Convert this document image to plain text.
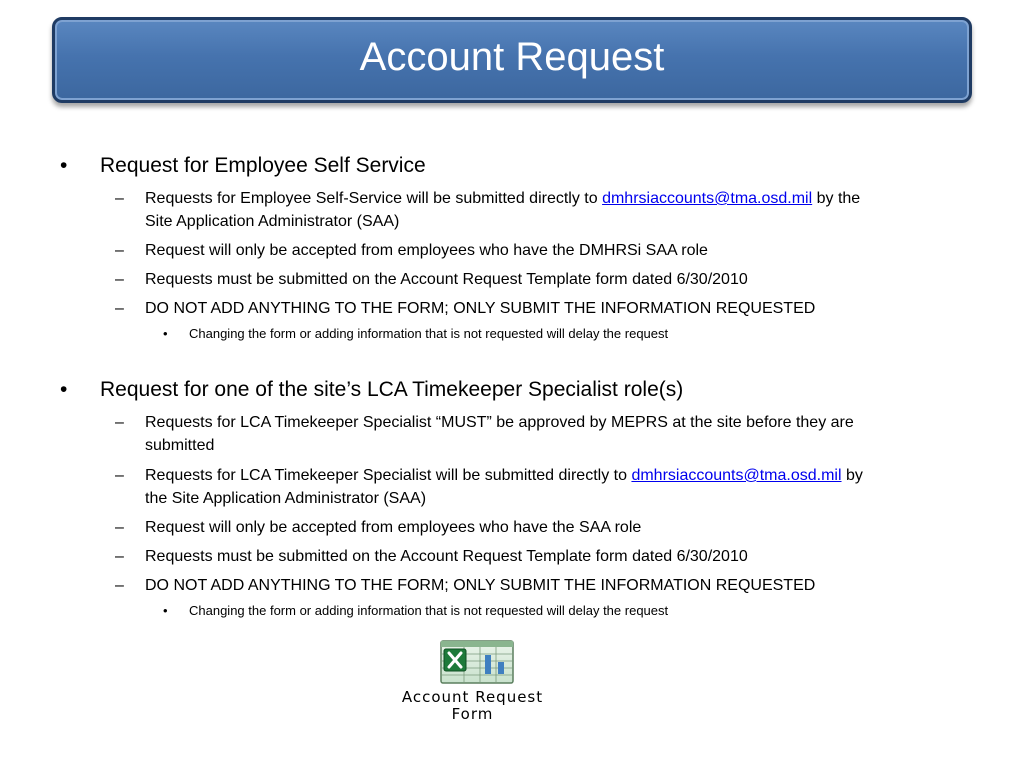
Account Request
•	Request for Employee Self Service
–	Requests for Employee Self-Service will be submitted directly to dmhrsiaccounts@tma.osd.mil by the
Site Application Administrator (SAA)
–	Request will only be accepted from employees who have the DMHRSi SAA role
–	Requests must be submitted on the Account Request Template form dated 6/30/2010
–	DO NOT ADD ANYTHING TO THE FORM; ONLY SUBMIT THE INFORMATION REQUESTED
•	Changing the form or adding information that is not requested will delay the request
•	Request for one of the site’s LCA Timekeeper Specialist role(s)
–	Requests for LCA Timekeeper Specialist “MUST” be approved by MEPRS at the site before they are
submitted
–	Requests for LCA Timekeeper Specialist will be submitted directly to dmhrsiaccounts@tma.osd.mil by
the Site Application Administrator (SAA)
–	Request will only be accepted from employees who have the SAA role
–	Requests must be submitted on the Account Request Template form dated 6/30/2010
–	DO NOT ADD ANYTHING TO THE FORM; ONLY SUBMIT THE INFORMATION REQUESTED
•	Changing the form or adding information that is not requested will delay the request
Account Request
Form
